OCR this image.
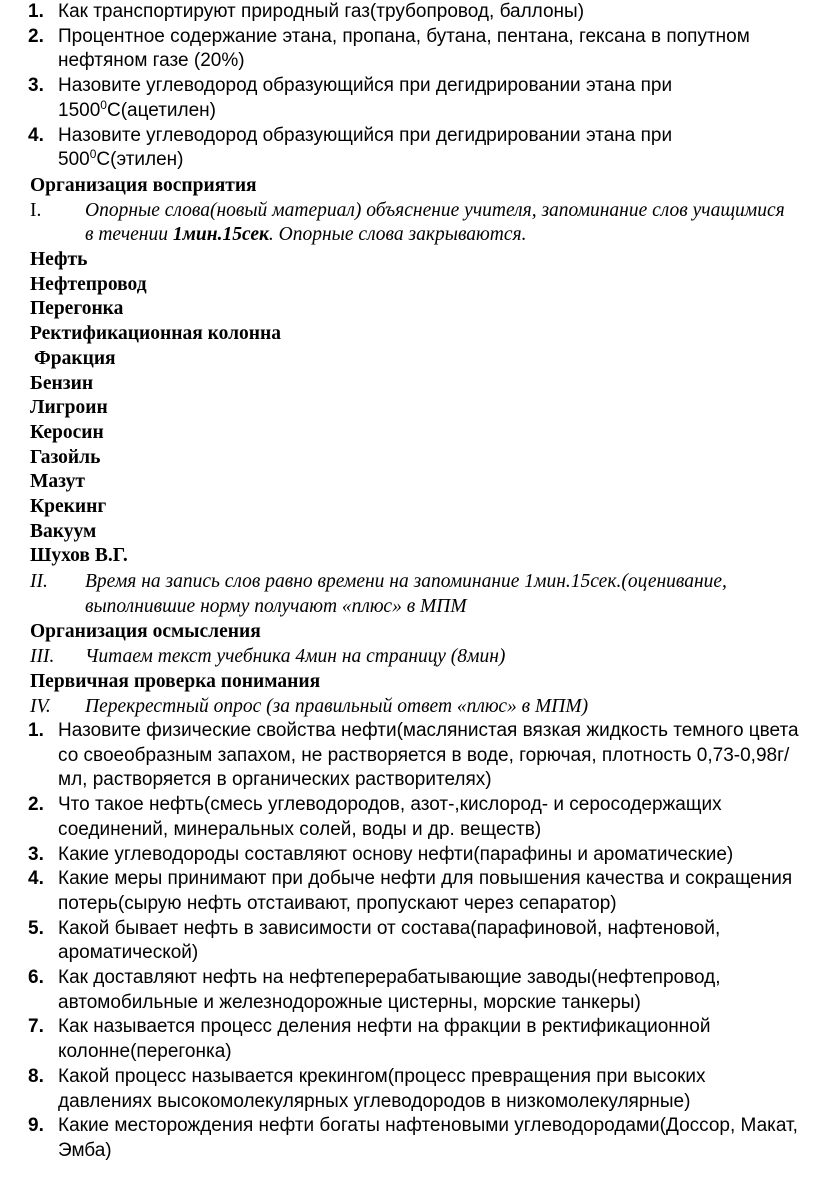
1. Как транспортируют природный газ(трубопровод, баллоны)
2. Процентное содержание этана, пропана, бутана, пентана, гексана в попутном нефтяном газе (20%)
3. Назовите углеводород образующийся при дегидрировании этана при 1500$^0$С(ацетилен)
4. Назовите углеводород образующийся при дегидрировании этана при $500^0С(этилен)$
Организация восприятия
I. Опорные слова(новый материал) объяснение учителя, запоминание слов учащимися в течении 1мин.15сек. Опорные слова закрываются.
Нефть
Нефтепровод
Перегонка
Ректификационная колонна
Фракция
Бензин
Лигроин
Керосин
Газойль
Мазут
Крекинг
Вакуум
Шухов В.Г.
II. Время на запись слов равно времени на запоминание 1мин.15сек.(оценивание, выполнившие норму получают «плюс» в МПМ
Организация осмысления
III. Читаем текст учебника 4мин на страницу (8мин)
Первичная проверка понимания
IV. Перекрестный опрос (за правильный ответ «плюс» в МПМ)
1. Назовите физические свойства нефти(маслянистая вязкая жидкость темного цвета со своеобразным запахом, не растворяется в воде, горючая, плотность 0,73-0,98г/мл, растворяется в органических растворителях)
2. Что такое нефть(смесь углеводородов, азот-,кислород- и серосодержащих соединений, минеральных солей, воды и др. веществ)
3. Какие углеводороды составляют основу нефти(парафины и ароматические)
4. Какие меры принимают при добыче нефти для повышения качества и сокращения потерь(сырую нефть отстаивают, пропускают через сепаратор)
5. Какой бывает нефть в зависимости от состава(парафиновой, нафтеновой, ароматической)
6. Как доставляют нефть на нефтеперерабатывающие заводы(нефтепровод, автомобильные и железнодорожные цистерны, морские танкеры)
7. Как называется процесс деления нефти на фракции в ректификационной колонне(перегонка)
8. Какой процесс называется крекингом(процесс превращения при высоких давлениях высокомолекулярных углеводородов в низкомолекулярные)
9. Какие месторождения нефти богаты нафтеновыми углеводородами(Доссор, Макат, Эмба)
